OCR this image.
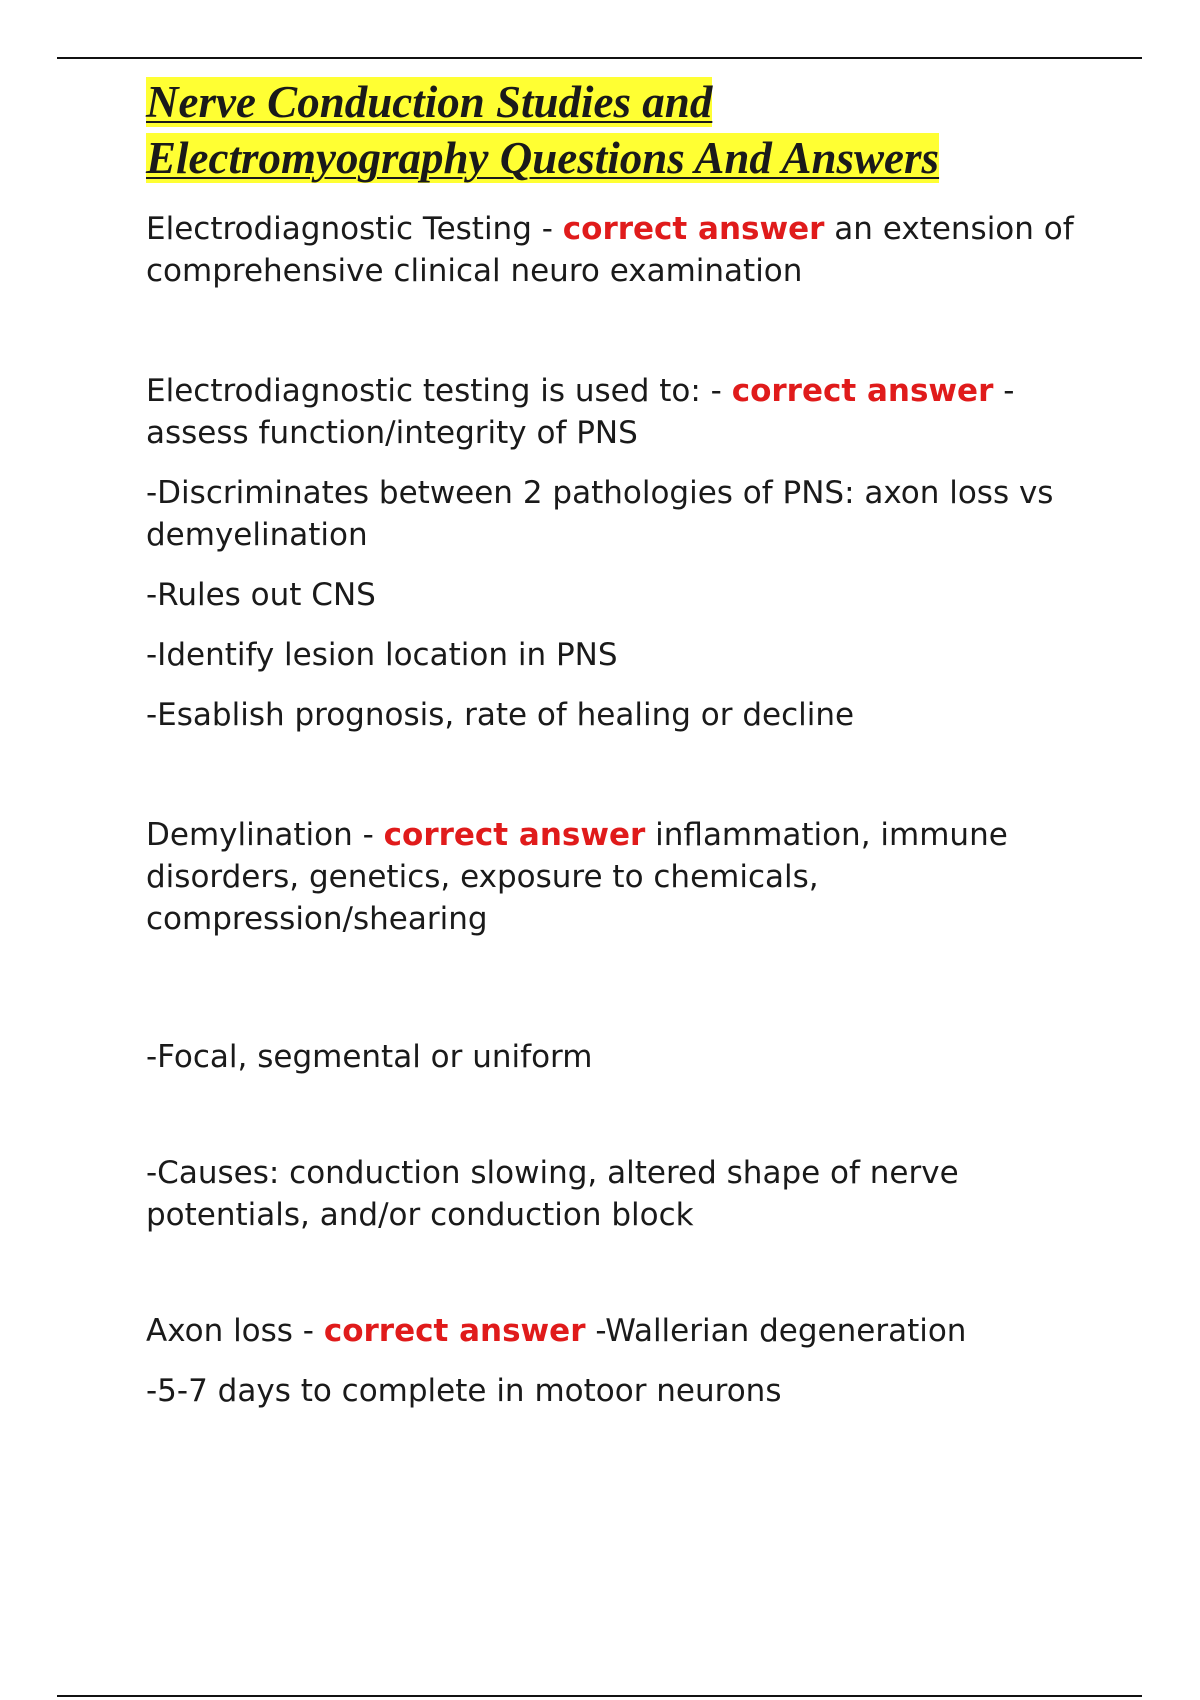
Nerve Conduction Studies and
Electromyography Questions And Answers

Electrodiagnostic Testing - correct answer an extension of comprehensive clinical neuro examination

Electrodiagnostic testing is used to: - correct answer -assess function/integrity of PNS

-Discriminates between 2 pathologies of PNS: axon loss vs demyelination

-Rules out CNS

-Identify lesion location in PNS

-Esablish prognosis, rate of healing or decline

Demylination - correct answer inflammation, immune disorders, genetics, exposure to chemicals, compression/shearing

-Focal, segmental or uniform

-Causes: conduction slowing, altered shape of nerve potentials, and/or conduction block

Axon loss - correct answer -Wallerian degeneration

-5-7 days to complete in motoor neurons
